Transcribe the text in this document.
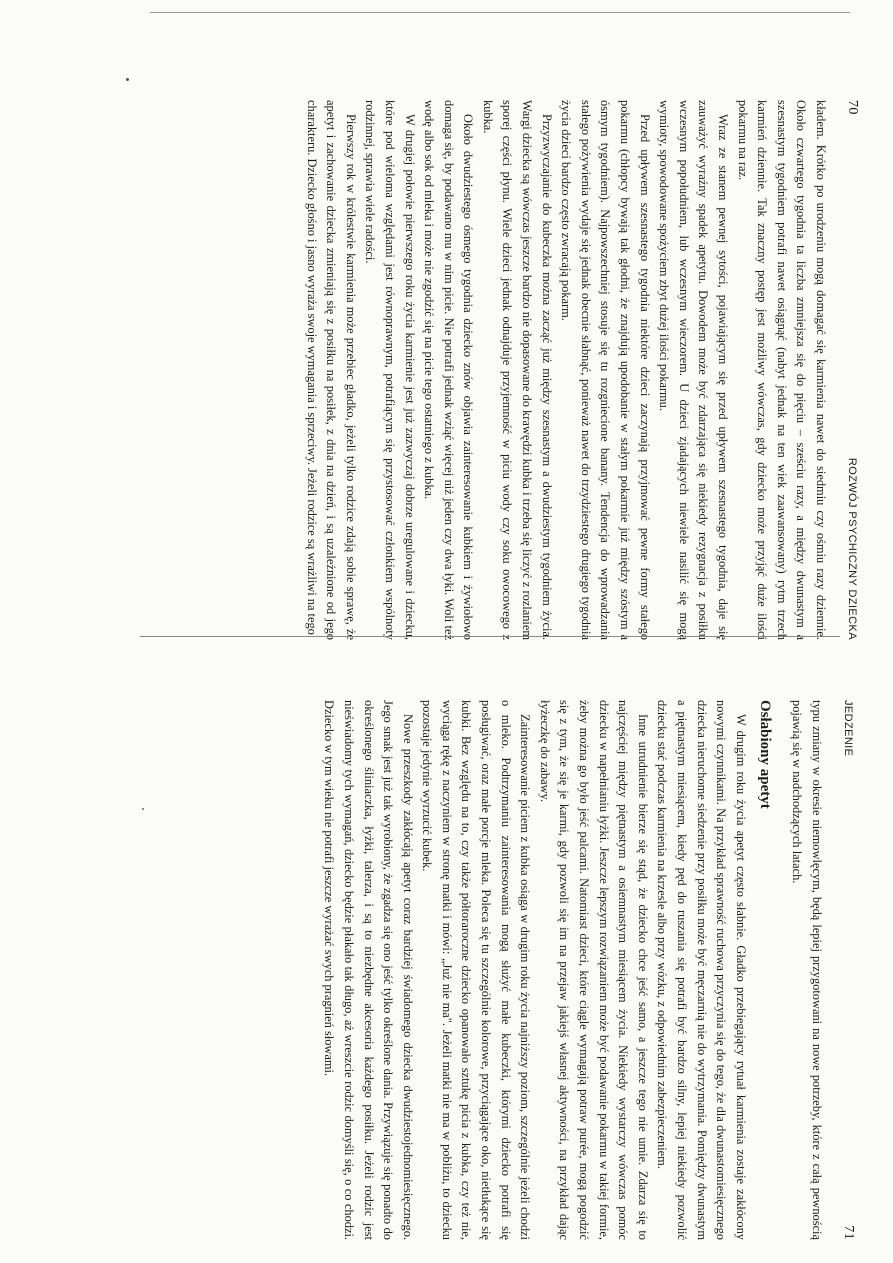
70
ROZWÓJ PSYCHICZNY DZIECKA

kładem. Krótko po urodzeniu mogą domagać się karmienia nawet do siedmiu czy ośmiu razy dziennie. Około czwartego tygodnia ta liczba zmniejsza się do pięciu – sześciu razy, a między dwunastym a szesnastym tygodniem potrafi nawet osiągnąć (nabyt jednak na ten wiek zaawansowany) rytm trzech karmień dziennie. Tak znaczny postęp jest możliwy wówczas, gdy dziecko może przyjąć duże ilości pokarmu na raz.

Wraz ze stanem pewnej sytości, pojawiającym się przed upływem szesnastego tygodnia, daje się zauważyć wyraźny spadek apetytu. Dowodem może być zdarzająca się niekiedy rezygnacja z posiłku wczesnym popołudniem, lub wczesnym wieczorem. U dzieci zjadających niewiele nasilić się mogą wymioty, spowodowane spożyciem zbyt dużej ilości pokarmu.

Przed upływem szesnastego tygodnia niektóre dzieci zaczynają przyjmować pewne formy stałego pokarmu (chłopcy bywają tak głodni, że znajdują upodobanie w stałym pokarmie już między szóstym a ósmym tygodniem). Najpowszechniej stosuje się tu rozgniecione banany. Tendencja do wprowadzania stałego pożywienia wydaje się jednak obecnie słabnąć, ponieważ nawet do trzydziestego drugiego tygodnia życia dzieci bardzo często zwracają pokarm.

Przyzwyczajanie do kubeczka można zacząć już między szesnastym a dwudziestym tygodniem życia. Wargi dziecka są wówczas jeszcze bardzo nie dopasowane do krawędzi kubka i trzeba się liczyć z rozlaniem sporej części płynu. Wiele dzieci jednak odnajduje przyjemność w piciu wody czy soku owocowego z kubka.

Około dwudziestego ósmego tygodnia dziecko znów objawia zainteresowanie kubkiem i żywiołowo domaga się, by podawano mu w nim picie. Nie potrafi jednak wziąć więcej niż jeden czy dwa łyki. Woli też wodę albo sok od mleka i może nie zgodzić się na picie tego ostatniego z kubka.

W drugiej połowie pierwszego roku życia karmienie jest już zazwyczaj dobrze uregulowane i dziecku, które pod wieloma względami jest równoprawnym, potrafiącym się przystosować członkiem wspólnoty rodzinnej, sprawia wiele radości.

Pierwszy rok w królestwie karmienia może przebiec gładko, jeżeli tylko rodzice zdają sobie sprawę, że apetyt i zachowanie dziecka zmieniają się z posiłku na posiłek, z dnia na dzień, i są uzależnione od jego charakteru. Dziecko głośno i jasno wyraża swoje wymagania i sprzeciwy. Jeżeli rodzice są wrażliwi na tego

JEDZENIE
71

typu zmiany w okresie niemowlęcym, będą lepiej przygotowani na nowe potrzeby, które z całą pewnością pojawią się w nadchodzących latach.

Osłabiony apetyt

W drugim roku życia apetyt często słabnie. Gładko przebiegający rytuał karmienia zostaje zakłócony nowymi czynnikami. Na przykład sprawność ruchowa przyczynia się do tego, że dla dwunastomiesięcznego dziecka nieruchome siedzenie przy posiłku może być męczarnią nie do wytrzymania. Pomiędzy dwunastym a piętnastym miesiącem, kiedy pęd do ruszania się potrafi być bardzo silny, lepiej niekiedy pozwolić dziecku stać podczas karmienia na krzesle albo przy wózku, z odpowiednim zabezpieczeniem.

Inne utrudnienie bierze się stąd, że dziecko chce jeść samo, a jeszcze tego nie umie. Zdarza się to najczęściej między piętnastym a osiemnastym miesiącem życia. Niekiedy wystarczy wówczas pomóc dziecku w napełnianiu łyżki. Jeszcze lepszym rozwiązaniem może być podawanie pokarmu w takiej formie, żeby można go było jeść palcami. Natomiast dzieci, które ciągle wymagają potraw purée, mogą pogodzić się z tym, że się je karmi, gdy pozwoli się im na przejaw jakiejś własnej aktywności, na przykład dając łyżeczkę do zabawy.

Zainteresowanie piciem z kubka osiąga w drugim roku życia najniższy poziom, szczególnie jeżeli chodzi o mleko. Podtrzymaniu zainteresowania mogą służyć małe kubeczki, którymi dziecko potrafi się posługiwać, oraz małe porcje mleka. Poleca się tu szczególnie kolorowe, przyciągające oko, nietłukące się kubki. Bez względu na to, czy także półtoraroczne dziecko opanowało sztukę picia z kubka, czy też nie, wyciąga rękę z naczyniem w stronę matki i mówi: „Już nie ma". Jeżeli matki nie ma w pobliżu, to dziecku pozostaje jedynie wyrzucić kubek.

Nowe przeszkody zakłócają apetyt coraz bardziej świadomego dziecka dwudziestojednomiesięcznego. Jego smak jest już tak wyrobiony, że zgadza się ono jeść tylko określone dania. Przywiązuje się ponadto do określonego śliniaczka, łyżki, talerza, i są to niezbędne akcesoria każdego posiłku. Jeżeli rodzic jest nieświadomy tych wymagań, dziecko będzie płakało tak długo, aż wreszcie rodzic domyśli się, o co chodzi. Dziecko w tym wieku nie potrafi jeszcze wyrażać swych pragnień słowami.
